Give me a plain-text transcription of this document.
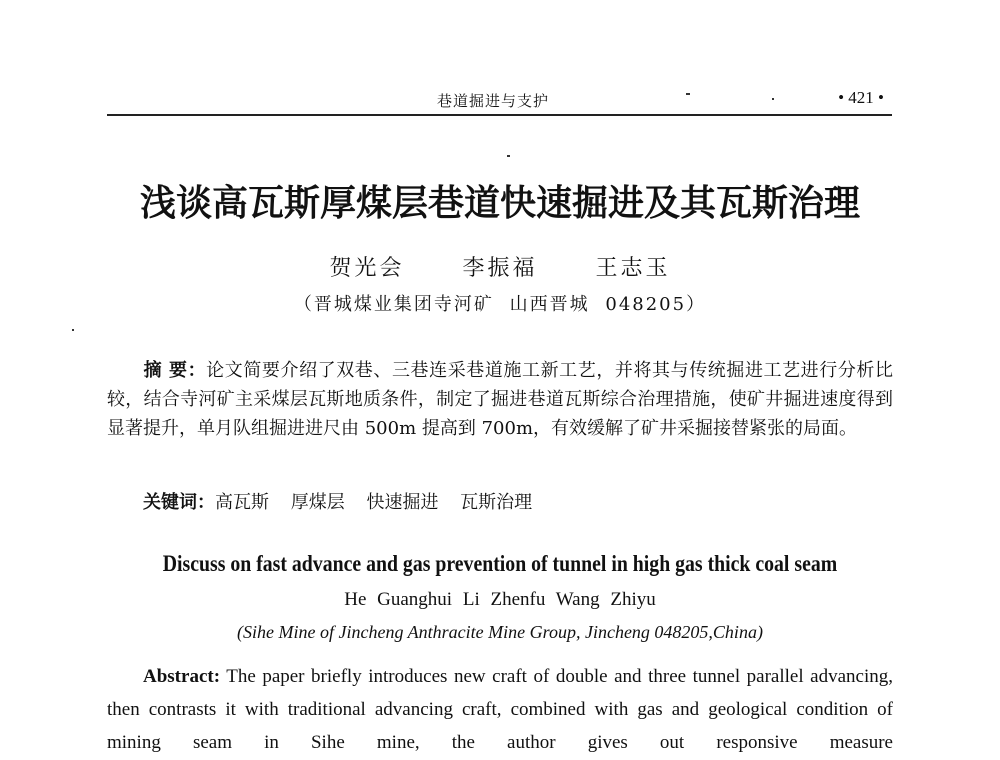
巷道掘进与支护	• 421 •
浅谈高瓦斯厚煤层巷道快速掘进及其瓦斯治理
贺光会 李振福 王志玉
（晋城煤业集团寺河矿 山西晋城 048205）

摘 要：论文简要介绍了双巷、三巷连采巷道施工新工艺，并将其与传统掘进工艺进行分析比较，结合寺河矿主采煤层瓦斯地质条件，制定了掘进巷道瓦斯综合治理措施，使矿井掘进速度得到显著提升，单月队组掘进进尺由 500m 提高到 700m，有效缓解了矿井采掘接替紧张的局面。

关键词：高瓦斯 厚煤层 快速掘进 瓦斯治理
Discuss on fast advance and gas prevention of tunnel in high gas thick coal seam
He Guanghui Li Zhenfu Wang Zhiyu
(Sihe Mine of Jincheng Anthracite Mine Group, Jincheng 048205,China)

Abstract: The paper briefly introduces new craft of double and three tunnel parallel advancing, then contrasts it with traditional advancing craft, combined with gas and geological condition of mining seam in Sihe mine, the author gives out responsive measure
